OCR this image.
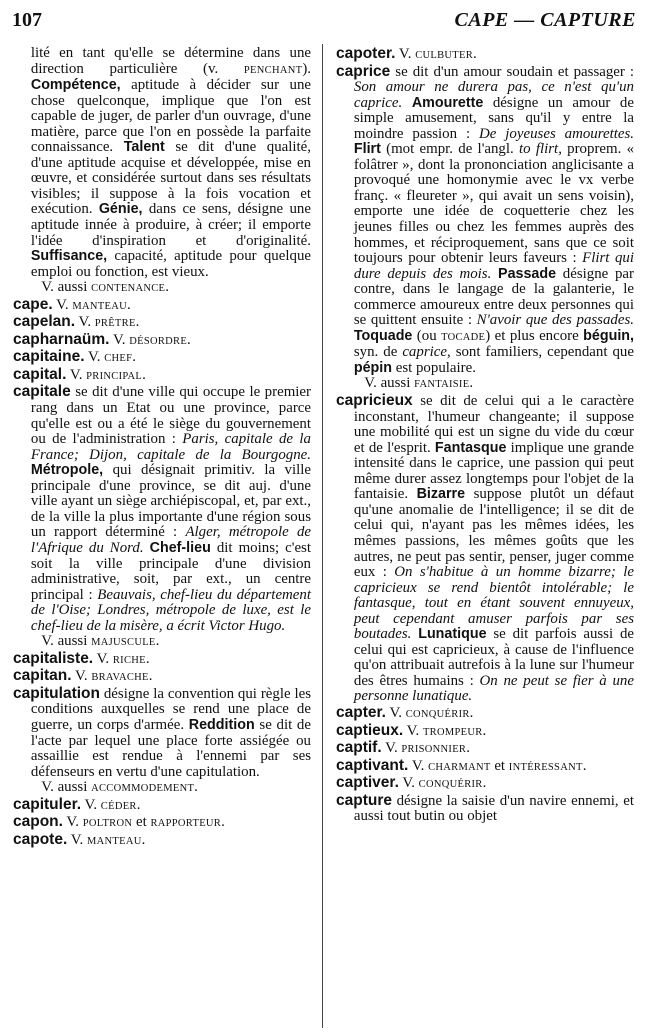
107	CAPE — CAPTURE

lité en tant qu'elle se détermine dans une direction particulière (v. PENCHANT). Compétence, aptitude à décider sur une chose quelconque, implique que l'on est capable de juger, de parler d'un ouvrage, d'une matière, parce que l'on en possède la parfaite connaissance. Talent se dit d'une qualité, d'une aptitude acquise et développée, mise en œuvre, et considérée surtout dans ses résultats visibles; il suppose à la fois vocation et exécution. Génie, dans ce sens, désigne une aptitude innée à produire, à créer; il emporte l'idée d'inspiration et d'originalité. Suffisance, capacité, aptitude pour quelque emploi ou fonction, est vieux.

V. aussi CONTENANCE.

cape. V. MANTEAU.

capelan. V. PRÊTRE.

capharnaüm. V. DÉSORDRE.

capitaine. V. CHEF.

capital. V. PRINCIPAL.

capitale se dit d'une ville qui occupe le premier rang dans un Etat ou une province, parce qu'elle est ou a été le siège du gouvernement ou de l'administration : Paris, capitale de la France; Dijon, capitale de la Bourgogne. Métropole, qui désignait primitiv. la ville principale d'une province, se dit auj. d'une ville ayant un siège archiépiscopal, et, par ext., de la ville la plus importante d'une région sous un rapport déterminé : Alger, métropole de l'Afrique du Nord. Chef-lieu dit moins; c'est soit la ville principale d'une division administrative, soit, par ext., un centre principal : Beauvais, chef-lieu du département de l'Oise; Londres, métropole de luxe, est le chef-lieu de la misère, a écrit Victor Hugo.

V. aussi MAJUSCULE.

capitaliste. V. RICHE.

capitan. V. BRAVACHE.

capitulation désigne la convention qui règle les conditions auxquelles se rend une place de guerre, un corps d'armée. Reddition se dit de l'acte par lequel une place forte assiégée ou assaillie est rendue à l'ennemi par ses défenseurs en vertu d'une capitulation.

V. aussi ACCOMMODEMENT.

capituler. V. CÉDER.

capon. V. POLTRON et RAPPORTEUR.

capote. V. MANTEAU.

capoter. V. CULBUTER.

caprice se dit d'un amour soudain et passager : Son amour ne durera pas, ce n'est qu'un caprice. Amourette désigne un amour de simple amusement, sans qu'il y entre la moindre passion : De joyeuses amourettes. Flirt (mot empr. de l'angl. to flirt, proprem. « folâtrer », dont la prononciation anglicisante a provoqué une homonymie avec le vx verbe franç. « fleureter », qui avait un sens voisin), emporte une idée de coquetterie chez les jeunes filles ou chez les femmes auprès des hommes, et réciproquement, sans que ce soit toujours pour obtenir leurs faveurs : Flirt qui dure depuis des mois. Passade désigne par contre, dans le langage de la galanterie, le commerce amoureux entre deux personnes qui se quittent ensuite : N'avoir que des passades. Toquade (ou TOCADE) et plus encore béguin, syn. de caprice, sont familiers, cependant que pépin est populaire.

V. aussi FANTAISIE.

capricieux se dit de celui qui a le caractère inconstant, l'humeur changeante; il suppose une mobilité qui est un signe du vide du cœur et de l'esprit. Fantasque implique une grande intensité dans le caprice, une passion qui peut même durer assez longtemps pour l'objet de la fantaisie. Bizarre suppose plutôt un défaut qu'une anomalie de l'intelligence; il se dit de celui qui, n'ayant pas les mêmes idées, les mêmes passions, les mêmes goûts que les autres, ne peut pas sentir, penser, juger comme eux : On s'habitue à un homme bizarre; le capricieux se rend bientôt intolérable; le fantasque, tout en étant souvent ennuyeux, peut cependant amuser parfois par ses boutades. Lunatique se dit parfois aussi de celui qui est capricieux, à cause de l'influence qu'on attribuait autrefois à la lune sur l'humeur des êtres humains : On ne peut se fier à une personne lunatique.

capter. V. CONQUÉRIR.

captieux. V. TROMPEUR.

captif. V. PRISONNIER.

captivant. V. CHARMANT et INTÉRESSANT.

captiver. V. CONQUÉRIR.

capture désigne la saisie d'un navire ennemi, et aussi tout butin ou objet
